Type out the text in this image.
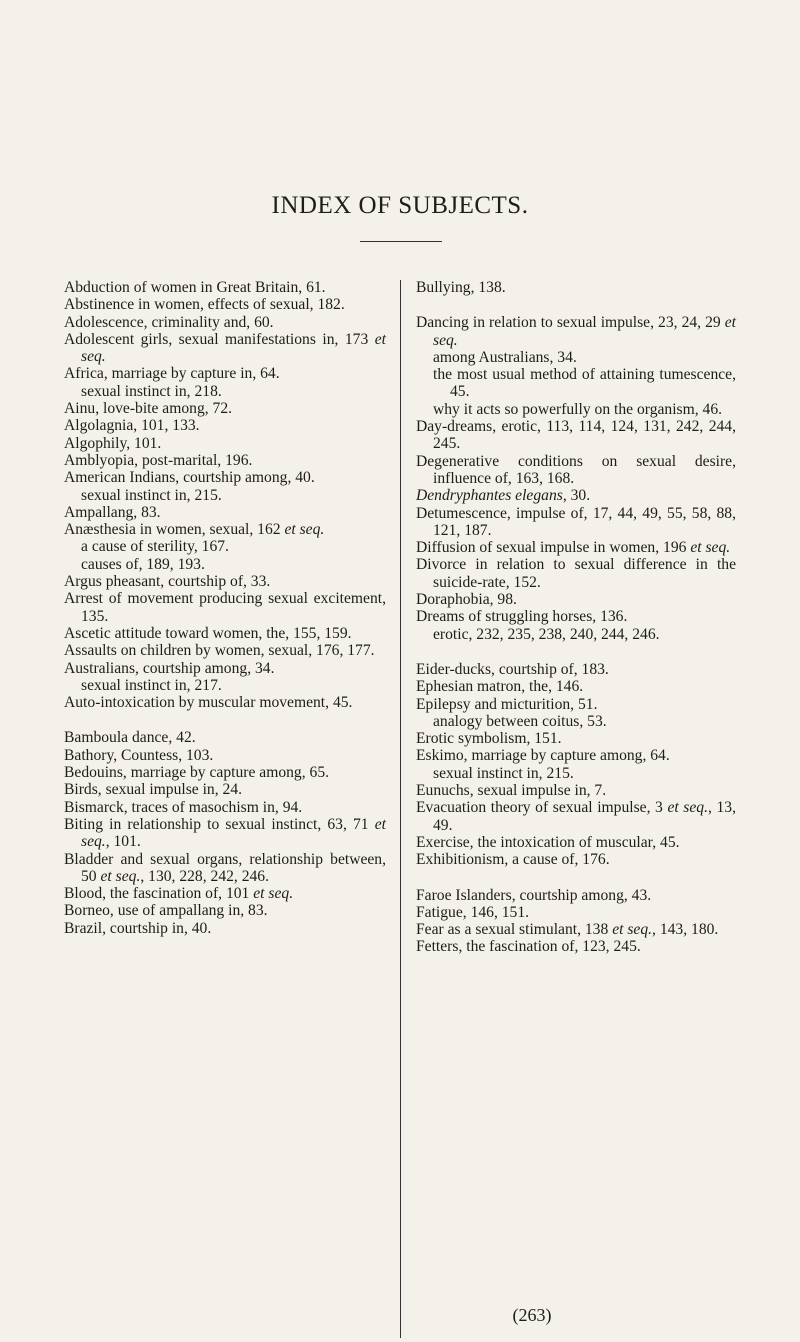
INDEX OF SUBJECTS.

Abduction of women in Great Britain, 61.

Abstinence in women, effects of sexual, 182.

Adolescence, criminality and, 60.

Adolescent girls, sexual manifestations in, 173 et seq.

Africa, marriage by capture in, 64.

sexual instinct in, 218.

Ainu, love-bite among, 72.

Algolagnia, 101, 133.

Algophily, 101.

Amblyopia, post-marital, 196.

American Indians, courtship among, 40.

sexual instinct in, 215.

Ampallang, 83.

Anæsthesia in women, sexual, 162 et seq.

a cause of sterility, 167.

causes of, 189, 193.

Argus pheasant, courtship of, 33.

Arrest of movement producing sexual excitement, 135.

Ascetic attitude toward women, the, 155, 159.

Assaults on children by women, sexual, 176, 177.

Australians, courtship among, 34.

sexual instinct in, 217.

Auto-intoxication by muscular movement, 45.

Bamboula dance, 42.

Bathory, Countess, 103.

Bedouins, marriage by capture among, 65.

Birds, sexual impulse in, 24.

Bismarck, traces of masochism in, 94.

Biting in relationship to sexual instinct, 63, 71 et seq., 101.

Bladder and sexual organs, relationship between, 50 et seq., 130, 228, 242, 246.

Blood, the fascination of, 101 et seq.

Borneo, use of ampallang in, 83.

Brazil, courtship in, 40.

Bullying, 138.

Dancing in relation to sexual impulse, 23, 24, 29 et seq.

among Australians, 34.

the most usual method of attaining tumescence, 45.

why it acts so powerfully on the organism, 46.

Day-dreams, erotic, 113, 114, 124, 131, 242, 244, 245.

Degenerative conditions on sexual desire, influence of, 163, 168.

Dendryphantes elegans, 30.

Detumescence, impulse of, 17, 44, 49, 55, 58, 88, 121, 187.

Diffusion of sexual impulse in women, 196 et seq.

Divorce in relation to sexual difference in the suicide-rate, 152.

Doraphobia, 98.

Dreams of struggling horses, 136.

erotic, 232, 235, 238, 240, 244, 246.

Eider-ducks, courtship of, 183.

Ephesian matron, the, 146.

Epilepsy and micturition, 51.

analogy between coitus, 53.

Erotic symbolism, 151.

Eskimo, marriage by capture among, 64.

sexual instinct in, 215.

Eunuchs, sexual impulse in, 7.

Evacuation theory of sexual impulse, 3 et seq., 13, 49.

Exercise, the intoxication of muscular, 45.

Exhibitionism, a cause of, 176.

Faroe Islanders, courtship among, 43.

Fatigue, 146, 151.

Fear as a sexual stimulant, 138 et seq., 143, 180.

Fetters, the fascination of, 123, 245.

(263)
